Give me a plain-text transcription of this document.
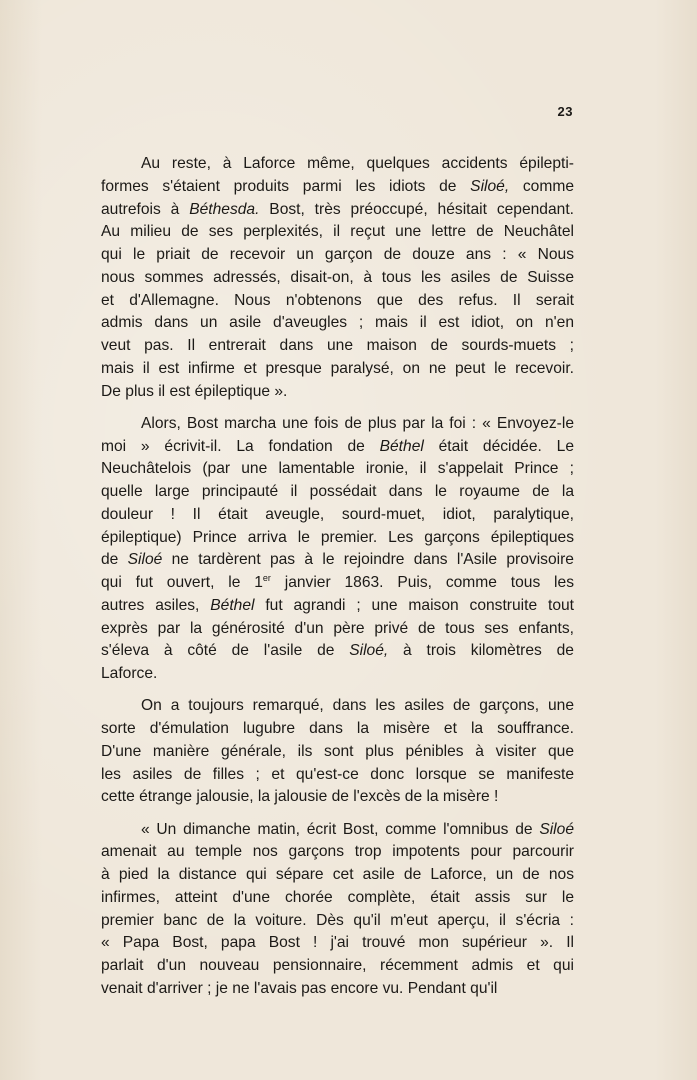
23
Au reste, à Laforce même, quelques accidents épilepti-
formes s'étaient produits parmi les idiots de Siloé, comme
autrefois à Béthesda. Bost, très préoccupé, hésitait cependant.
Au milieu de ses perplexités, il reçut une lettre de Neuchâtel
qui le priait de recevoir un garçon de douze ans : « Nous
nous sommes adressés, disait-on, à tous les asiles de Suisse
et d'Allemagne. Nous n'obtenons que des refus. Il serait
admis dans un asile d'aveugles ; mais il est idiot, on n'en
veut pas. Il entrerait dans une maison de sourds-muets ;
mais il est infirme et presque paralysé, on ne peut le recevoir.
De plus il est épileptique ».
Alors, Bost marcha une fois de plus par la foi : « Envoyez-le
moi » écrivit-il. La fondation de Béthel était décidée. Le
Neuchâtelois (par une lamentable ironie, il s'appelait Prince ;
quelle large principauté il possédait dans le royaume de la
douleur ! Il était aveugle, sourd-muet, idiot, paralytique,
épileptique) Prince arriva le premier. Les garçons épileptiques
de Siloé ne tardèrent pas à le rejoindre dans l'Asile provisoire
qui fut ouvert, le 1er janvier 1863. Puis, comme tous les
autres asiles, Béthel fut agrandi ; une maison construite tout
exprès par la générosité d'un père privé de tous ses enfants,
s'éleva à côté de l'asile de Siloé, à trois kilomètres de
Laforce.
On a toujours remarqué, dans les asiles de garçons, une
sorte d'émulation lugubre dans la misère et la souffrance.
D'une manière générale, ils sont plus pénibles à visiter que
les asiles de filles ; et qu'est-ce donc lorsque se manifeste
cette étrange jalousie, la jalousie de l'excès de la misère !
« Un dimanche matin, écrit Bost, comme l'omnibus de Siloé
amenait au temple nos garçons trop impotents pour parcourir
à pied la distance qui sépare cet asile de Laforce, un de nos
infirmes, atteint d'une chorée complète, était assis sur le
premier banc de la voiture. Dès qu'il m'eut aperçu, il s'écria :
« Papa Bost, papa Bost ! j'ai trouvé mon supérieur ». Il
parlait d'un nouveau pensionnaire, récemment admis et qui
venait d'arriver ; je ne l'avais pas encore vu. Pendant qu'il
